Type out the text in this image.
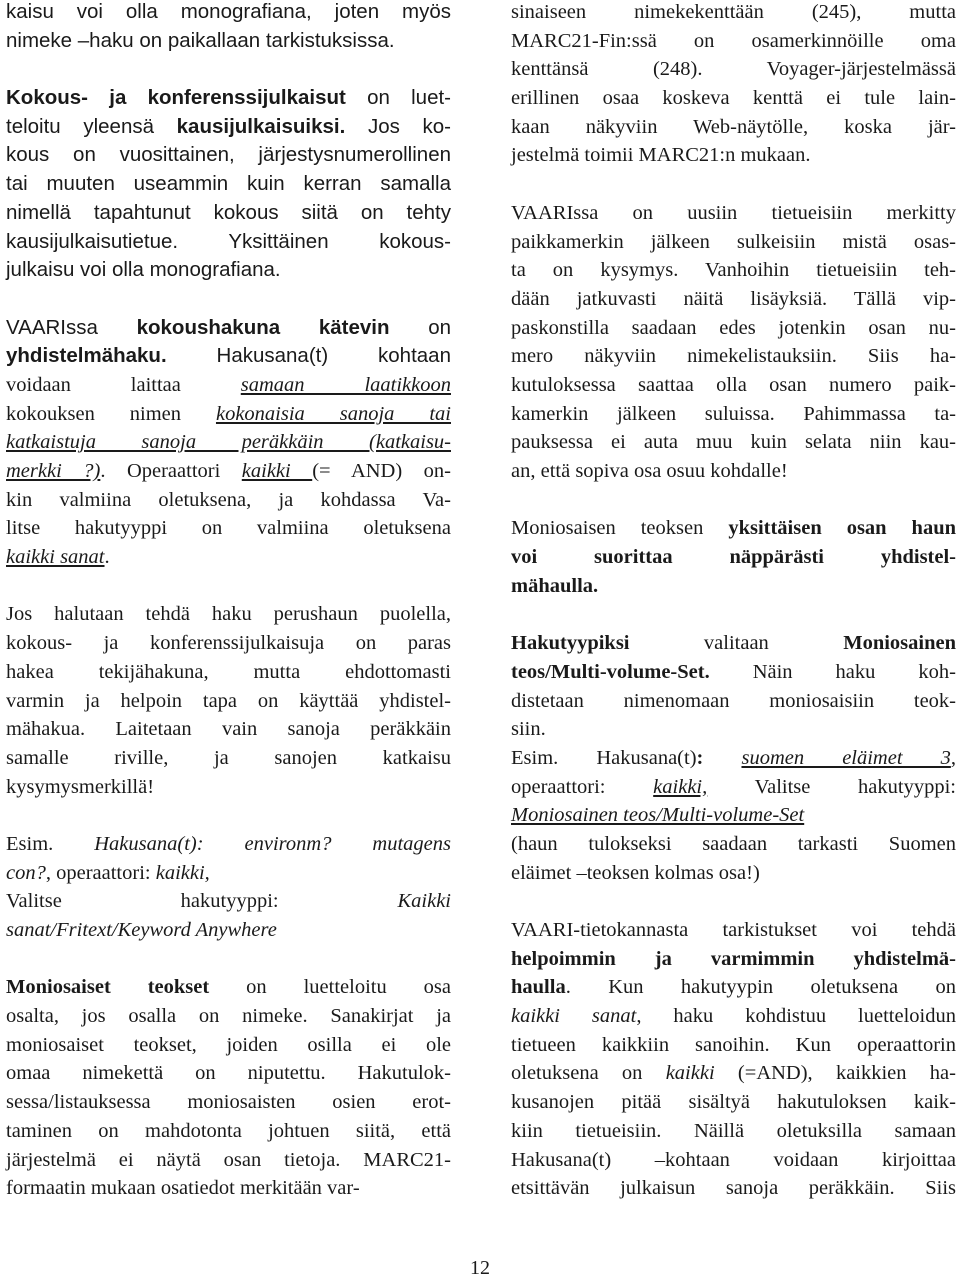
kaisu voi olla monografiana, joten myös
nimeke –haku on paikallaan tarkistuksissa.
Kokous- ja konferenssijulkaisut on luet-
teloitu yleensä kausijulkaisuiksi. Jos ko-
kous on vuosittainen, järjestysnumerollinen
tai muuten useammin kuin kerran samalla
nimellä tapahtunut kokous siitä on tehty
kausijulkaisutietue. Yksittäinen kokous-
julkaisu voi olla monografiana.
VAARIssa kokoushakuna kätevin on
yhdistelmähaku. Hakusana(t) kohtaan
voidaan laittaa samaan laatikkoon
kokouksen nimen kokonaisia sanoja tai
katkaistuja sanoja peräkkäin (katkaisu-
merkki ?). Operaattori kaikki (= AND) on-
kin valmiina oletuksena, ja kohdassa Va-
litse hakutyyppi on valmiina oletuksena
kaikki sanat.
Jos halutaan tehdä haku perushaun puolella,
kokous- ja konferenssijulkaisuja on paras
hakea tekijähakuna, mutta ehdottomasti
varmin ja helpoin tapa on käyttää yhdistel-
mähakua. Laitetaan vain sanoja peräkkäin
samalle riville, ja sanojen katkaisu
kysymysmerkillä!
Esim. Hakusana(t): environm? mutagens
con?, operaattori: kaikki,
Valitse hakutyyppi: Kaikki
sanat/Fritext/Keyword Anywhere
Moniosaiset teokset on luetteloitu osa
osalta, jos osalla on nimeke. Sanakirjat ja
moniosaiset teokset, joiden osilla ei ole
omaa nimekettä on niputettu. Hakutulok-
sessa/listauksessa moniosaisten osien erot-
taminen on mahdotonta johtuen siitä, että
järjestelmä ei näytä osan tietoja. MARC21-
formaatin mukaan osatiedot merkitään var-
sinaiseen nimekekenttään (245), mutta
MARC21-Fin:ssä on osamerkinnöille oma
kenttänsä (248). Voyager-järjestelmässä
erillinen osaa koskeva kenttä ei tule lain-
kaan näkyviin Web-näytölle, koska jär-
jestelmä toimii MARC21:n mukaan.
VAARIssa on uusiin tietueisiin merkitty
paikkamerkin jälkeen sulkeisiin mistä osas-
ta on kysymys. Vanhoihin tietueisiin teh-
dään jatkuvasti näitä lisäyksiä. Tällä vip-
paskonstilla saadaan edes jotenkin osan nu-
mero näkyviin nimekelistauksiin. Siis ha-
kutuloksessa saattaa olla osan numero paik-
kamerkin jälkeen suluissa. Pahimmassa ta-
pauksessa ei auta muu kuin selata niin kau-
an, että sopiva osa osuu kohdalle!
Moniosaisen teoksen yksittäisen osan haun
voi suorittaa näppärästi yhdistel-
mähaulla.
Hakutyypiksi valitaan Moniosainen
teos/Multi-volume-Set. Näin haku koh-
distetaan nimenomaan moniosaisiin teok-
siin.
Esim. Hakusana(t): suomen eläimet 3,
operaattori: kaikki, Valitse hakutyyppi:
Moniosainen teos/Multi-volume-Set
(haun tulokseksi saadaan tarkasti Suomen
eläimet –teoksen kolmas osa!)
VAARI-tietokannasta tarkistukset voi tehdä
helpoimmin ja varmimmin yhdistelmä-
haulla. Kun hakutyypin oletuksena on
kaikki sanat, haku kohdistuu luetteloidun
tietueen kaikkiin sanoihin. Kun operaattorin
oletuksena on kaikki (=AND), kaikkien ha-
kusanojen pitää sisältyä hakutuloksen kaik-
kiin tietueisiin. Näillä oletuksilla samaan
Hakusana(t) –kohtaan voidaan kirjoittaa
etsittävän julkaisun sanoja peräkkäin. Siis
12
